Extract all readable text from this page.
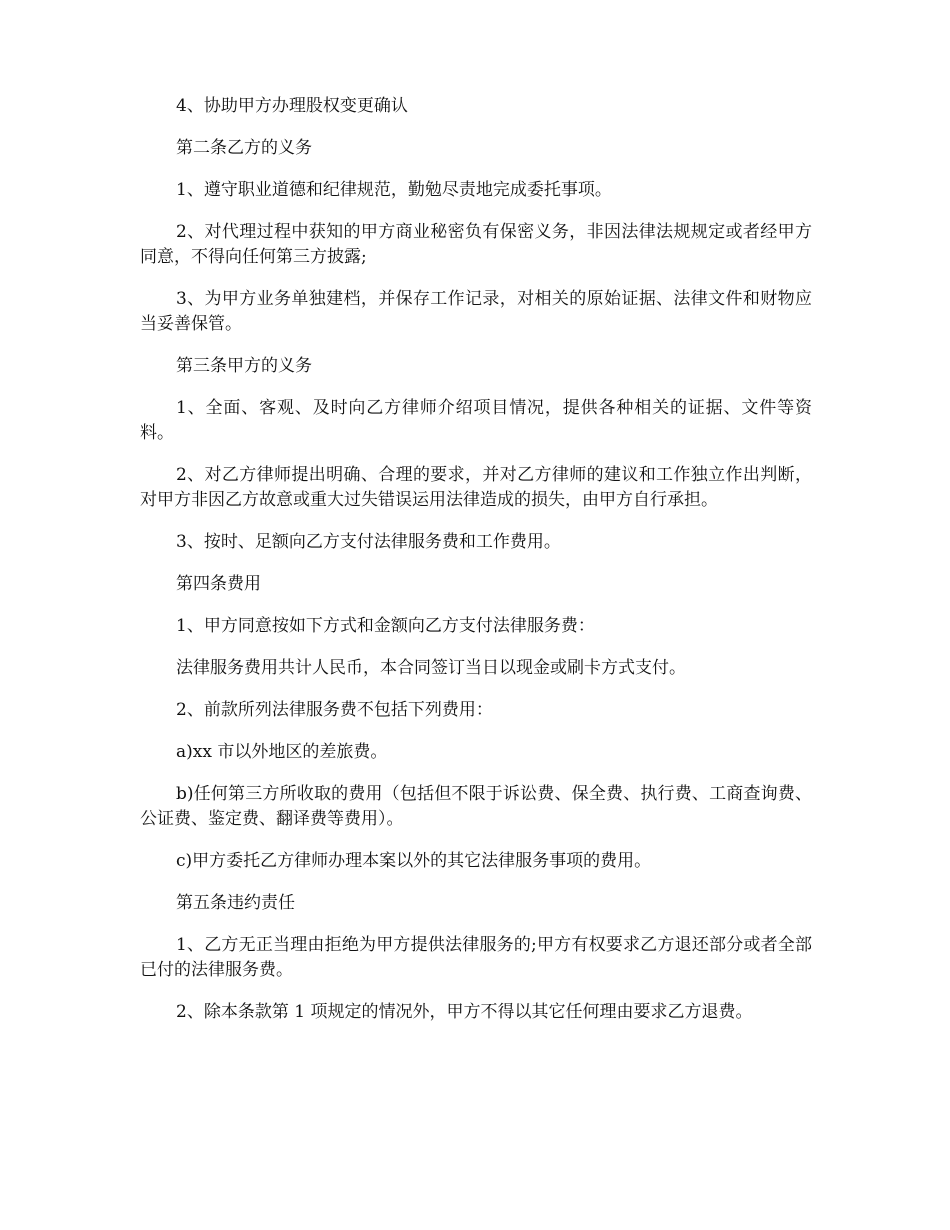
4、协助甲方办理股权变更确认

第二条乙方的义务

1、遵守职业道德和纪律规范，勤勉尽责地完成委托事项。

2、对代理过程中获知的甲方商业秘密负有保密义务，非因法律法规规定或者经甲方同意，不得向任何第三方披露;

3、为甲方业务单独建档，并保存工作记录，对相关的原始证据、法律文件和财物应当妥善保管。

第三条甲方的义务

1、全面、客观、及时向乙方律师介绍项目情况，提供各种相关的证据、文件等资料。

2、对乙方律师提出明确、合理的要求，并对乙方律师的建议和工作独立作出判断，对甲方非因乙方故意或重大过失错误运用法律造成的损失，由甲方自行承担。

3、按时、足额向乙方支付法律服务费和工作费用。

第四条费用

1、甲方同意按如下方式和金额向乙方支付法律服务费：

法律服务费用共计人民币，本合同签订当日以现金或刷卡方式支付。

2、前款所列法律服务费不包括下列费用：

a)xx 市以外地区的差旅费。

b)任何第三方所收取的费用（包括但不限于诉讼费、保全费、执行费、工商查询费、公证费、鉴定费、翻译费等费用）。

c)甲方委托乙方律师办理本案以外的其它法律服务事项的费用。

第五条违约责任

1、乙方无正当理由拒绝为甲方提供法律服务的;甲方有权要求乙方退还部分或者全部已付的法律服务费。

2、除本条款第 1 项规定的情况外，甲方不得以其它任何理由要求乙方退费。
